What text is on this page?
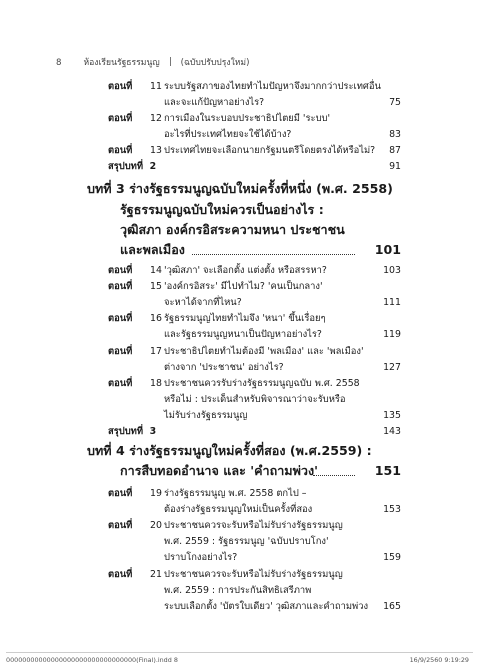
8	ห้องเรียนรัฐธรรมนูญ (ฉบับปรับปรุงใหม่)
ตอนที่ 11 ระบบรัฐสภาของไทยทำไมปัญหาจึงมากกว่าประเทศอื่น
และจะแก้ปัญหาอย่างไร?	75
ตอนที่ 12 การเมืองในระบอบประชาธิปไตยมี 'ระบบ'
อะไรที่ประเทศไทยจะใช้ได้บ้าง?	83
ตอนที่ 13 ประเทศไทยจะเลือกนายกรัฐมนตรีโดยตรงได้หรือไม่? 87
สรุปบทที่ 2	91
บทที่ 3 ร่างรัฐธรรมนูญฉบับใหม่ครั้งที่หนึ่ง (พ.ศ. 2558)
รัฐธรรมนูญฉบับใหม่ควรเป็นอย่างไร :
วุฒิสภา องค์กรอิสระความหนา ประชาชน
และพลเมือง	101
ตอนที่ 14 'วุฒิสภา' จะเลือกตั้ง แต่งตั้ง หรือสรรหา?	103
ตอนที่ 15 'องค์กรอิสระ' มีไปทำไม? 'คนเป็นกลาง'
จะหาได้จากที่ไหน?	111
ตอนที่ 16 รัฐธรรมนูญไทยทำไมจึง 'หนา' ขึ้นเรื่อยๆ
และรัฐธรรมนูญหนาเป็นปัญหาอย่างไร?	119
ตอนที่ 17 ประชาธิปไตยทำไมต้องมี 'พลเมือง' และ 'พลเมือง'
ต่างจาก 'ประชาชน' อย่างไร?	127
ตอนที่ 18 ประชาชนควรรับร่างรัฐธรรมนูญฉบับ พ.ศ. 2558
หรือไม่ : ประเด็นสำหรับพิจารณาว่าจะรับหรือ
ไม่รับร่างรัฐธรรมนูญ	135
สรุปบทที่ 3	143
บทที่ 4 ร่างรัฐธรรมนูญใหม่ครั้งที่สอง (พ.ศ.2559) :
การสืบทอดอำนาจ และ 'คำถามพ่วง'	151
ตอนที่ 19 ร่างรัฐธรรมนูญ พ.ศ. 2558 ตกไป –
ต้องร่างรัฐธรรมนูญใหม่เป็นครั้งที่สอง	153
ตอนที่ 20 ประชาชนควรจะรับหรือไม่รับร่างรัฐธรรมนูญ
พ.ศ. 2559 : รัฐธรรมนูญ 'ฉบับปราบโกง'
ปราบโกงอย่างไร?	159
ตอนที่ 21 ประชาชนควรจะรับหรือไม่รับร่างรัฐธรรมนูญ
พ.ศ. 2559 : การประกันสิทธิเสรีภาพ
ระบบเลือกตั้ง 'บัตรใบเดียว' วุฒิสภาและคำถามพ่วง 165
00000000000000000000000000000000(Final).indd 8	16/9/2560 9:19:29
